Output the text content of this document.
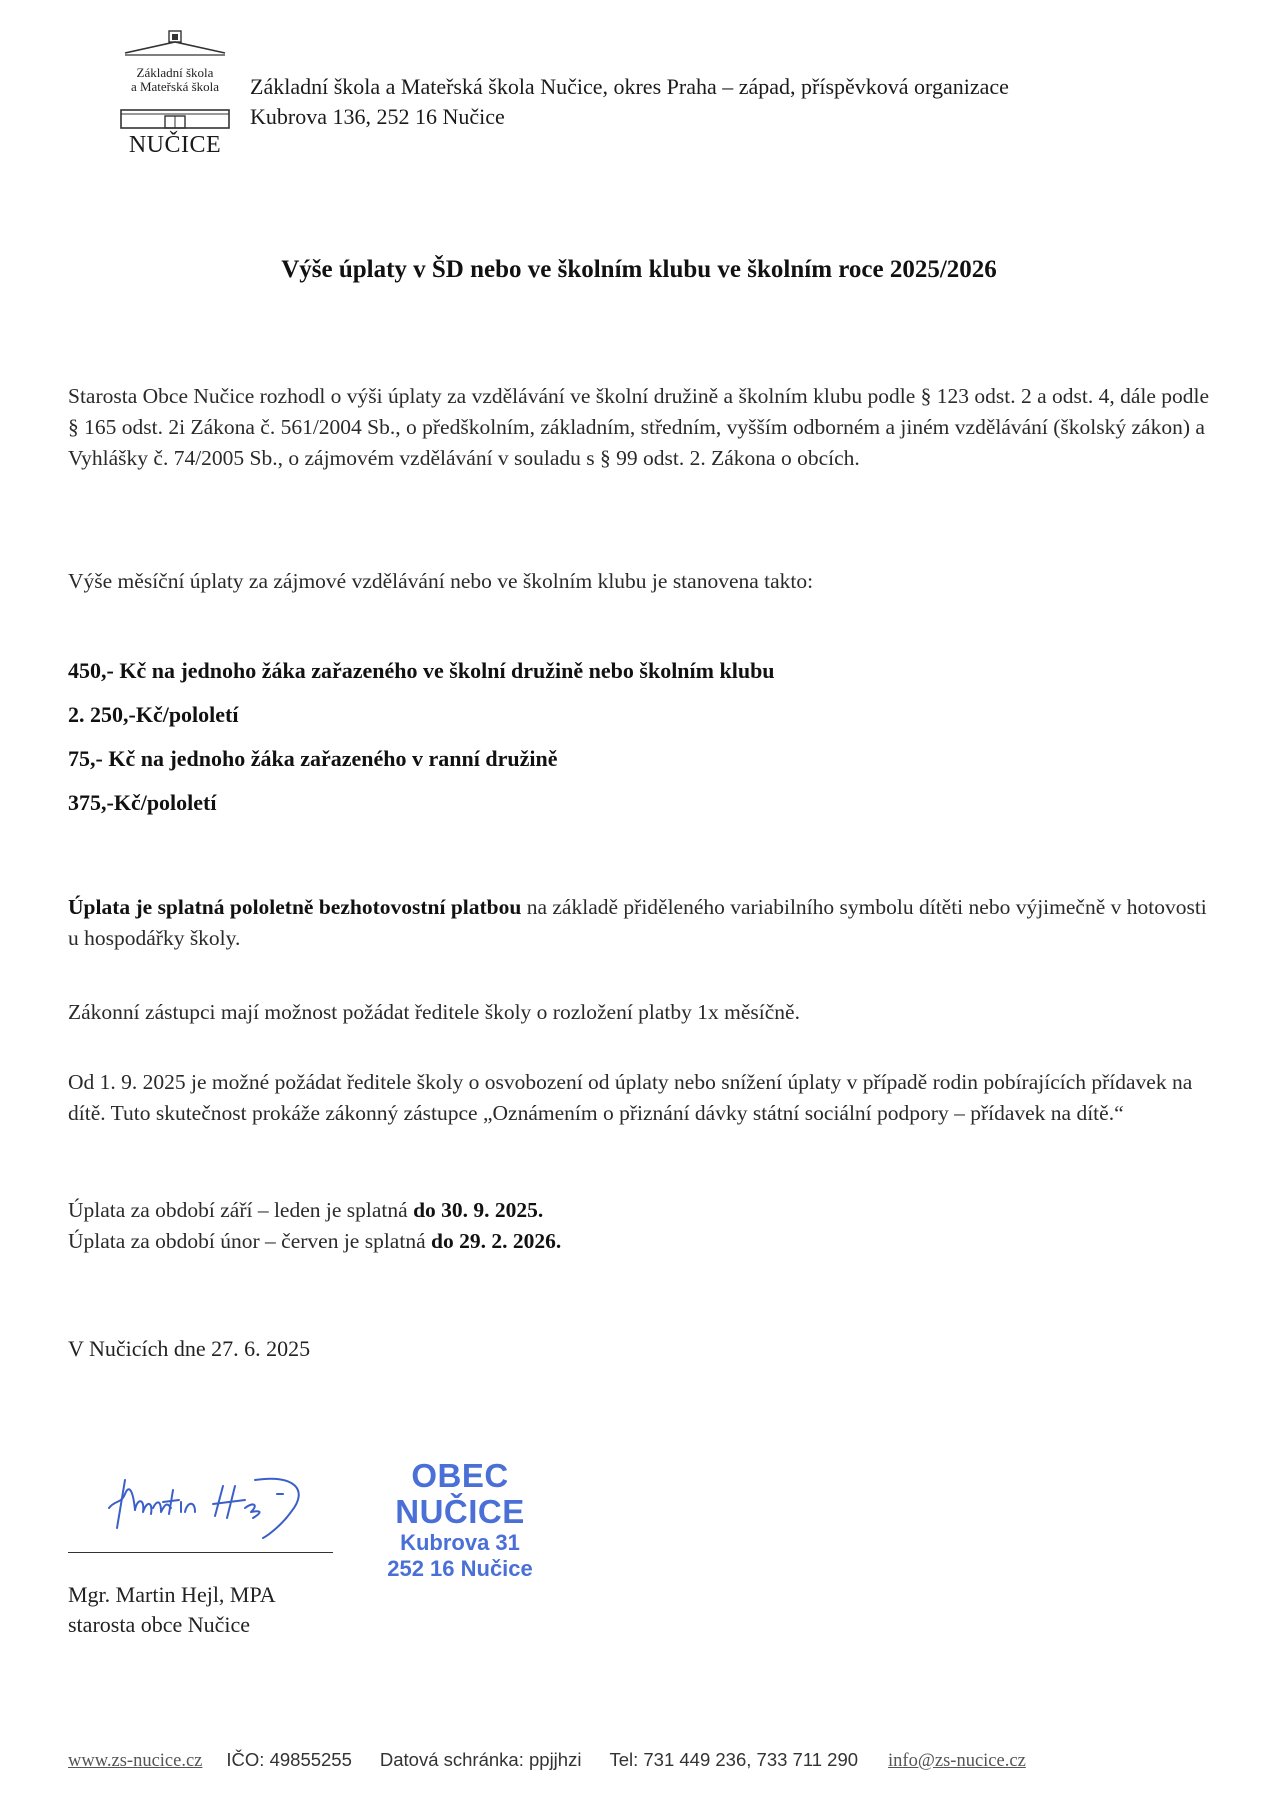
Základní škola
a Mateřská škola
NUČICE
Základní škola a Mateřská škola Nučice, okres Praha – západ, příspěvková organizace
Kubrova 136, 252 16 Nučice
Výše úplaty v ŠD nebo ve školním klubu ve školním roce 2025/2026
Starosta Obce Nučice rozhodl o výši úplaty za vzdělávání ve školní družině a školním klubu podle § 123 odst. 2 a odst. 4, dále podle § 165 odst. 2i Zákona č. 561/2004 Sb., o předškolním, základním, středním, vyšším odborném a jiném vzdělávání (školský zákon) a Vyhlášky č. 74/2005 Sb., o zájmovém vzdělávání v souladu s § 99 odst. 2. Zákona o obcích.
Výše měsíční úplaty za zájmové vzdělávání nebo ve školním klubu je stanovena takto:
450,- Kč na jednoho žáka zařazeného ve školní družině nebo školním klubu
2. 250,-Kč/pololetí
75,- Kč na jednoho žáka zařazeného v ranní družině
375,-Kč/pololetí
Úplata je splatná pololetně bezhotovostní platbou na základě přiděleného variabilního symbolu dítěti nebo výjimečně v hotovosti u hospodářky školy.
Zákonní zástupci mají možnost požádat ředitele školy o rozložení platby 1x měsíčně.
Od 1. 9. 2025 je možné požádat ředitele školy o osvobození od úplaty nebo snížení úplaty v případě rodin pobírajících přídavek na dítě. Tuto skutečnost prokáže zákonný zástupce „Oznámením o přiznání dávky státní sociální podpory – přídavek na dítě.“
Úplata za období září – leden je splatná do 30. 9. 2025.
Úplata za období únor – červen je splatná do 29. 2. 2026.
V Nučicích dne 27. 6. 2025
OBEC NUČICE
Kubrova 31
252 16 Nučice
Mgr. Martin Hejl, MPA
starosta obce Nučice
www.zs-nucice.cz IČO: 49855255 Datová schránka: ppjjhzi Tel: 731 449 236, 733 711 290 info@zs-nucice.cz
